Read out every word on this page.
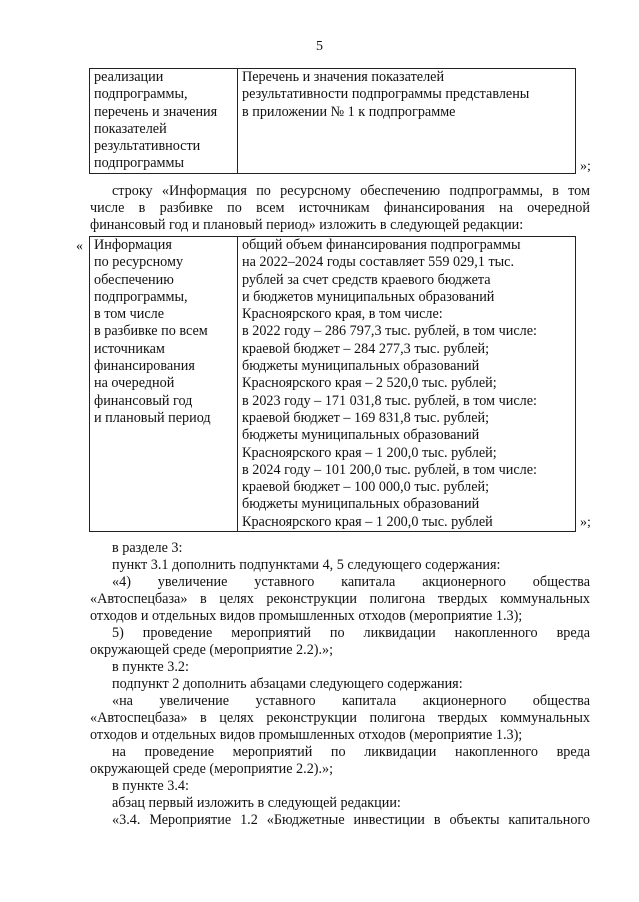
5
реализации
подпрограммы,
перечень и значения
показателей
результативности
подпрограммы

Перечень и значения показателей
результативности подпрограммы представлены
в приложении № 1 к подпрограмме
»;
строку «Информация по ресурсному обеспечению подпрограммы, в том
числе в разбивке по всем источникам финансирования на очередной
финансовый год и плановый период» изложить в следующей редакции:
« Информация
по ресурсному
обеспечению
подпрограммы,
в том числе
в разбивке по всем
источникам
финансирования
на очередной
финансовый год
и плановый период

общий объем финансирования подпрограммы
на 2022–2024 годы составляет 559 029,1 тыс.
рублей за счет средств краевого бюджета
и бюджетов муниципальных образований
Красноярского края, в том числе:
в 2022 году – 286 797,3 тыс. рублей, в том числе:
краевой бюджет – 284 277,3 тыс. рублей;
бюджеты муниципальных образований
Красноярского края – 2 520,0 тыс. рублей;
в 2023 году – 171 031,8 тыс. рублей, в том числе:
краевой бюджет – 169 831,8 тыс. рублей;
бюджеты муниципальных образований
Красноярского края – 1 200,0 тыс. рублей;
в 2024 году – 101 200,0 тыс. рублей, в том числе:
краевой бюджет – 100 000,0 тыс. рублей;
бюджеты муниципальных образований
Красноярского края – 1 200,0 тыс. рублей	»;
в разделе 3:
пункт 3.1 дополнить подпунктами 4, 5 следующего содержания:
«4) увеличение уставного капитала акционерного общества
«Автоспецбаза» в целях реконструкции полигона твердых коммунальных
отходов и отдельных видов промышленных отходов (мероприятие 1.3);
5) проведение мероприятий по ликвидации накопленного вреда
окружающей среде (мероприятие 2.2).»;
в пункте 3.2:
подпункт 2 дополнить абзацами следующего содержания:
«на увеличение уставного капитала акционерного общества
«Автоспецбаза» в целях реконструкции полигона твердых коммунальных
отходов и отдельных видов промышленных отходов (мероприятие 1.3);
на проведение мероприятий по ликвидации накопленного вреда
окружающей среде (мероприятие 2.2).»;
в пункте 3.4:
абзац первый изложить в следующей редакции:
«3.4. Мероприятие 1.2 «Бюджетные инвестиции в объекты капитального
